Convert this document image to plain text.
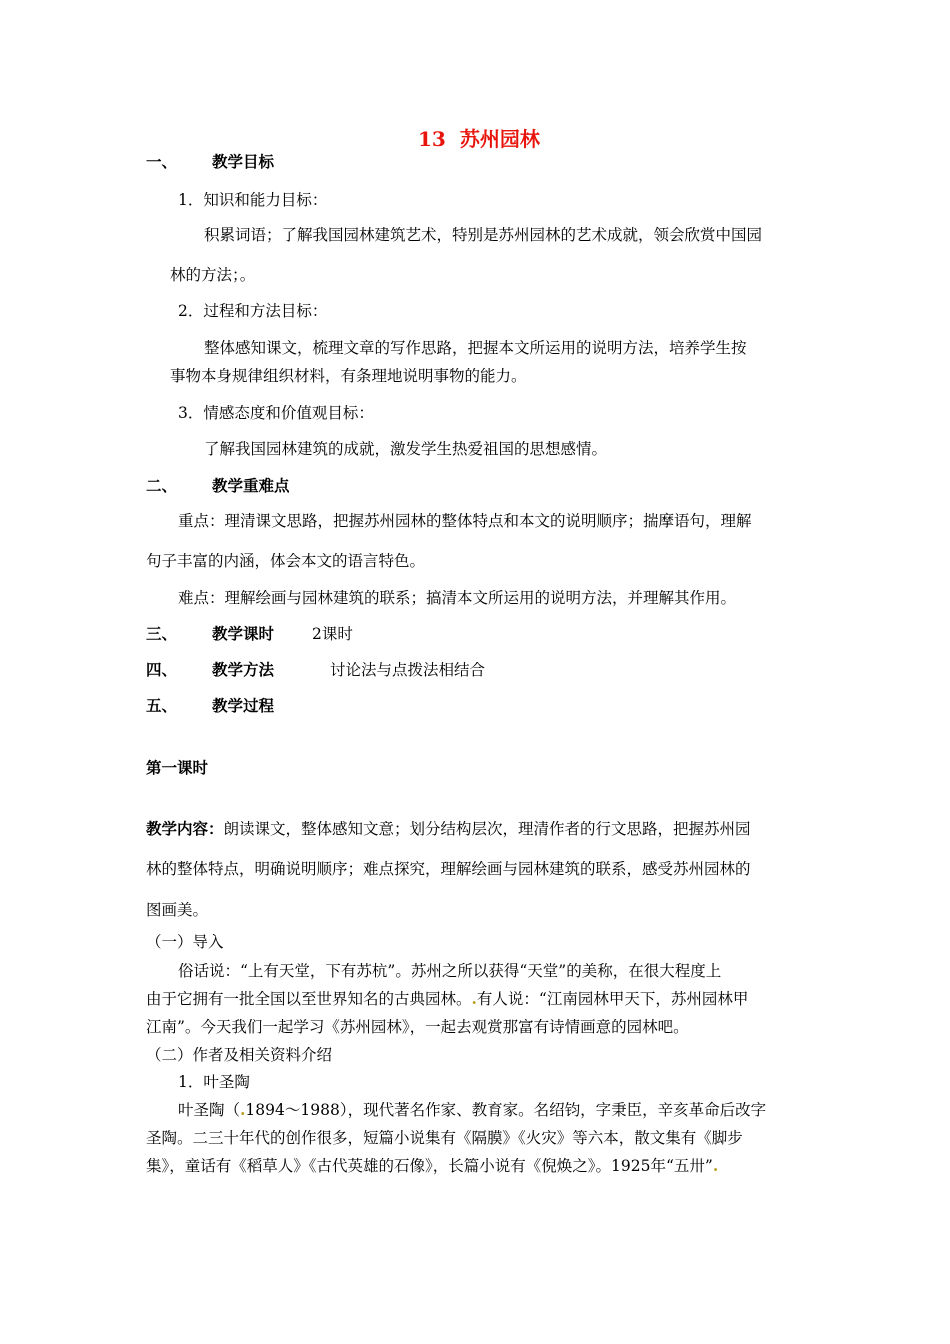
13 苏州园林
一、 教学目标
1．知识和能力目标：
积累词语；了解我国园林建筑艺术，特别是苏州园林的艺术成就，领会欣赏中国园
林的方法；。
2．过程和方法目标：
整体感知课文，梳理文章的写作思路，把握本文所运用的说明方法，培养学生按
事物本身规律组织材料，有条理地说明事物的能力。
3．情感态度和价值观目标：
了解我国园林建筑的成就，激发学生热爱祖国的思想感情。
二、 教学重难点
重点：理清课文思路，把握苏州园林的整体特点和本文的说明顺序；揣摩语句，理解
句子丰富的内涵，体会本文的语言特色。
难点：理解绘画与园林建筑的联系；搞清本文所运用的说明方法，并理解其作用。
三、 教学课时 2课时
四、 教学方法	讨论法与点拨法相结合
五、 教学过程
第一课时
教学内容：朗读课文，整体感知文意；划分结构层次，理清作者的行文思路，把握苏州园
林的整体特点，明确说明顺序；难点探究，理解绘画与园林建筑的联系，感受苏州园林的
图画美。
（一）导入
俗话说：“上有天堂，下有苏杭”。苏州之所以获得“天堂”的美称，在很大程度上
由于它拥有一批全国以至世界知名的古典园林。.有人说：“江南园林甲天下，苏州园林甲
江南”。今天我们一起学习《苏州园林》，一起去观赏那富有诗情画意的园林吧。
（二）作者及相关资料介绍
1．叶圣陶
叶圣陶（.1894～1988），现代著名作家、教育家。名绍钧，字秉臣，辛亥革命后改字
圣陶。二三十年代的创作很多，短篇小说集有《隔膜》《火灾》等六本，散文集有《脚步
集》，童话有《稻草人》《古代英雄的石像》，长篇小说有《倪焕之》。1925年“五卅”.
